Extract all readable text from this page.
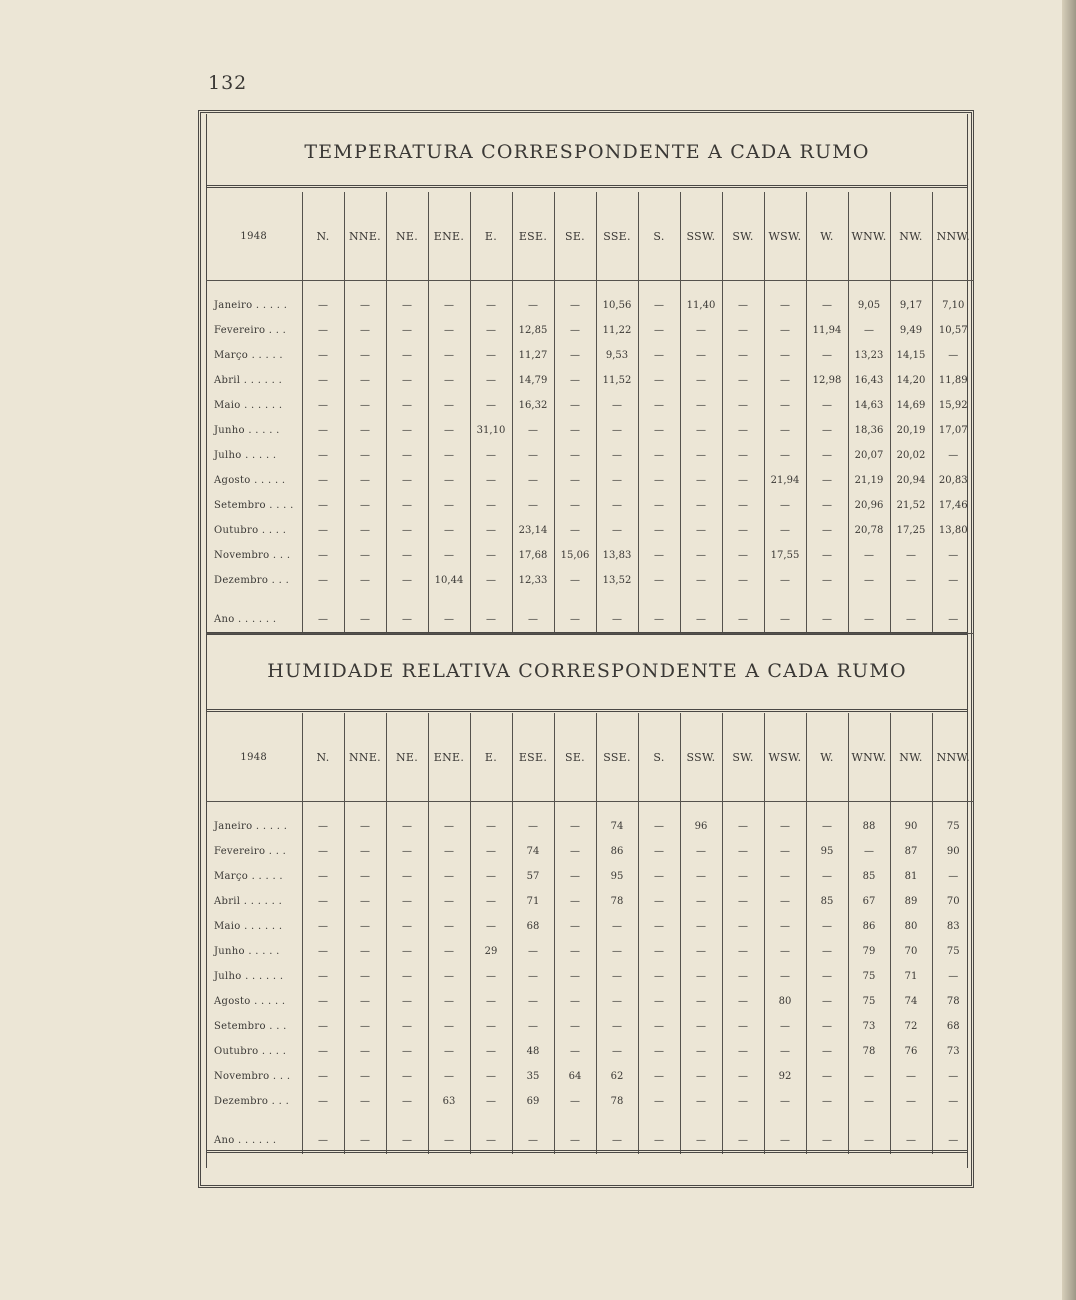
132
TEMPERATURA CORRESPONDENTE A CADA RUMO
1948	N.	NNE.	NE.	ENE.	E.	ESE.	SE.	SSE.	S.	SSW.	SW.	WSW.	W.	WNW.	NW.	NNW.

Janeiro . . . . .	—	—	—	—	—	—	—	10,56	—	11,40	—	—	—	9,05	9,17	7,10
Fevereiro . . .	—	—	—	—	—	12,85	—	11,22	—	—	—	—	11,94	—	9,49	10,57
Março . . . . .	—	—	—	—	—	11,27	—	9,53	—	—	—	—	—	13,23	14,15	—
Abril . . . . . .	—	—	—	—	—	14,79	—	11,52	—	—	—	—	12,98	16,43	14,20	11,89
Maio . . . . . .	—	—	—	—	—	16,32	—	—	—	—	—	—	—	14,63	14,69	15,92
Junho . . . . .	—	—	—	—	31,10	—	—	—	—	—	—	—	—	18,36	20,19	17,07
Julho . . . . .	—	—	—	—	—	—	—	—	—	—	—	—	—	20,07	20,02	—
Agosto . . . . .	—	—	—	—	—	—	—	—	—	—	—	21,94	—	21,19	20,94	20,83
Setembro . . . .	—	—	—	—	—	—	—	—	—	—	—	—	—	20,96	21,52	17,46
Outubro . . . .	—	—	—	—	—	23,14	—	—	—	—	—	—	—	20,78	17,25	13,80
Novembro . . .	—	—	—	—	—	17,68	15,06	13,83	—	—	—	17,55	—	—	—	—
Dezembro . . .	—	—	—	10,44	—	12,33	—	13,52	—	—	—	—	—	—	—	—

Ano . . . . . .	—	—	—	—	—	—	—	—	—	—	—	—	—	—	—	—
HUMIDADE RELATIVA CORRESPONDENTE A CADA RUMO
1948	N.	NNE.	NE.	ENE.	E.	ESE.	SE.	SSE.	S.	SSW.	SW.	WSW.	W.	WNW.	NW.	NNW.

Janeiro . . . . .	—	—	—	—	—	—	—	74	—	96	—	—	—	88	90	75
Fevereiro . . .	—	—	—	—	—	74	—	86	—	—	—	—	95	—	87	90
Março . . . . .	—	—	—	—	—	57	—	95	—	—	—	—	—	85	81	—
Abril . . . . . .	—	—	—	—	—	71	—	78	—	—	—	—	85	67	89	70
Maio . . . . . .	—	—	—	—	—	68	—	—	—	—	—	—	—	86	80	83
Junho . . . . .	—	—	—	—	29	—	—	—	—	—	—	—	—	79	70	75
Julho . . . . . .	—	—	—	—	—	—	—	—	—	—	—	—	—	75	71	—
Agosto . . . . .	—	—	—	—	—	—	—	—	—	—	—	80	—	75	74	78
Setembro . . .	—	—	—	—	—	—	—	—	—	—	—	—	—	73	72	68
Outubro . . . .	—	—	—	—	—	48	—	—	—	—	—	—	—	78	76	73
Novembro . . .	—	—	—	—	—	35	64	62	—	—	—	92	—	—	—	—
Dezembro . . .	—	—	—	63	—	69	—	78	—	—	—	—	—	—	—	—

Ano . . . . . .	—	—	—	—	—	—	—	—	—	—	—	—	—	—	—	—
